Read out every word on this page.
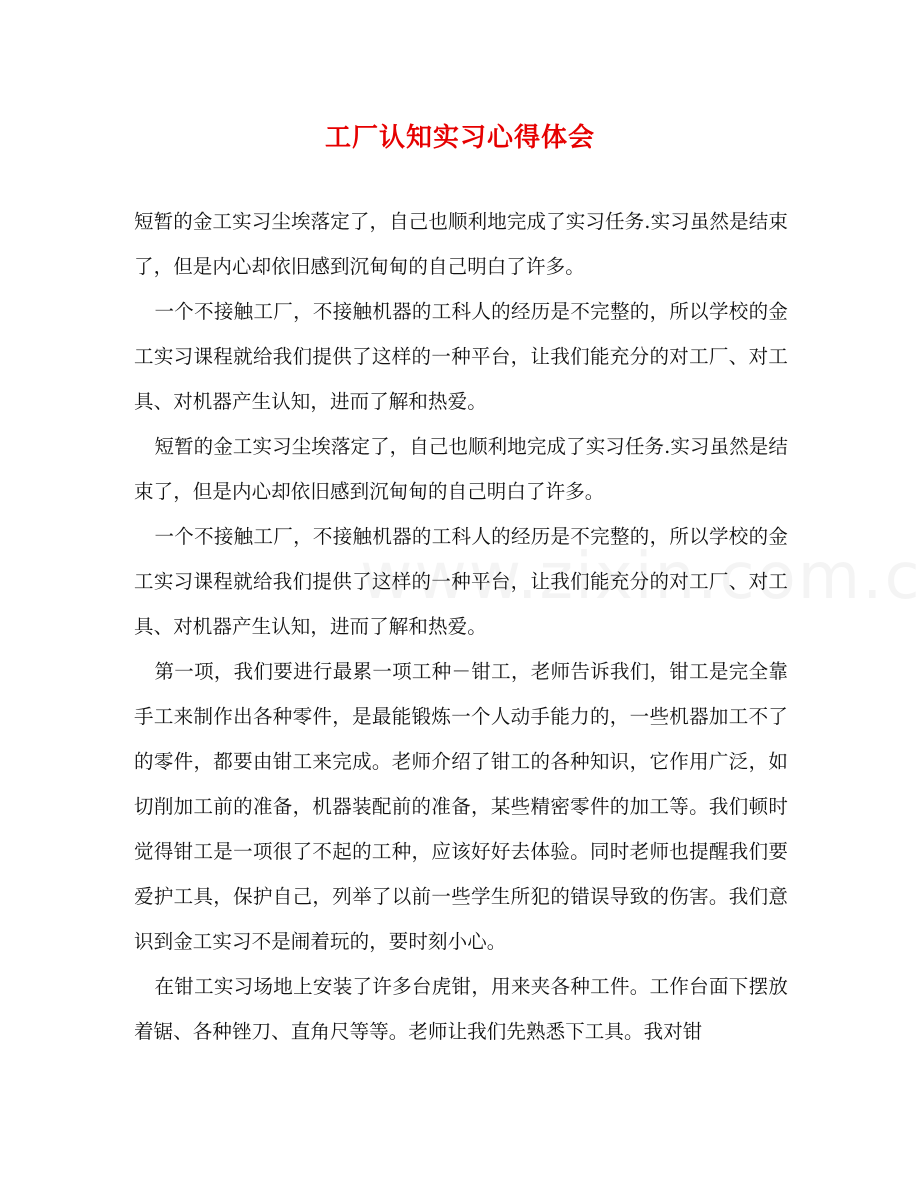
工厂认知实习心得体会

短暂的金工实习尘埃落定了，自己也顺利地完成了实习任务.实习虽然是结束了，但是内心却依旧感到沉甸甸的自己明白了许多。

一个不接触工厂，不接触机器的工科人的经历是不完整的，所以学校的金工实习课程就给我们提供了这样的一种平台，让我们能充分的对工厂、对工具、对机器产生认知，进而了解和热爱。

短暂的金工实习尘埃落定了，自己也顺利地完成了实习任务.实习虽然是结束了，但是内心却依旧感到沉甸甸的自己明白了许多。

一个不接触工厂，不接触机器的工科人的经历是不完整的，所以学校的金工实习课程就给我们提供了这样的一种平台，让我们能充分的对工厂、对工具、对机器产生认知，进而了解和热爱。

第一项，我们要进行最累一项工种－钳工，老师告诉我们，钳工是完全靠手工来制作出各种零件，是最能锻炼一个人动手能力的，一些机器加工不了的零件，都要由钳工来完成。老师介绍了钳工的各种知识，它作用广泛，如切削加工前的准备，机器装配前的准备，某些精密零件的加工等。我们顿时觉得钳工是一项很了不起的工种，应该好好去体验。同时老师也提醒我们要爱护工具，保护自己，列举了以前一些学生所犯的错误导致的伤害。我们意识到金工实习不是闹着玩的，要时刻小心。

在钳工实习场地上安装了许多台虎钳，用来夹各种工件。工作台面下摆放着锯、各种锉刀、直角尺等等。老师让我们先熟悉下工具。我对钳
